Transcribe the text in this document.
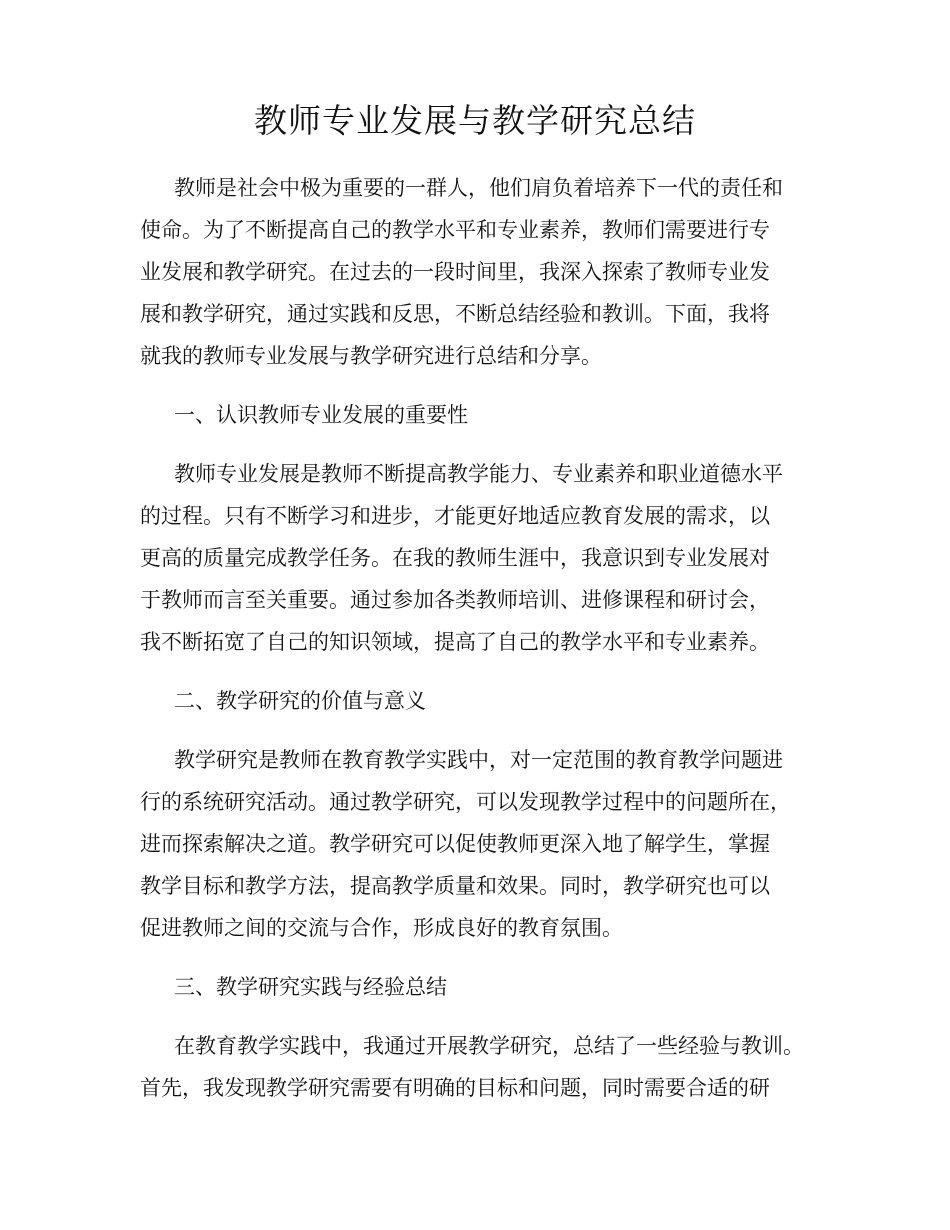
教师专业发展与教学研究总结

教师是社会中极为重要的一群人，他们肩负着培养下一代的责任和

使命。为了不断提高自己的教学水平和专业素养，教师们需要进行专

业发展和教学研究。在过去的一段时间里，我深入探索了教师专业发

展和教学研究，通过实践和反思，不断总结经验和教训。下面，我将

就我的教师专业发展与教学研究进行总结和分享。

一、认识教师专业发展的重要性

教师专业发展是教师不断提高教学能力、专业素养和职业道德水平

的过程。只有不断学习和进步，才能更好地适应教育发展的需求，以

更高的质量完成教学任务。在我的教师生涯中，我意识到专业发展对

于教师而言至关重要。通过参加各类教师培训、进修课程和研讨会，

我不断拓宽了自己的知识领域，提高了自己的教学水平和专业素养。

二、教学研究的价值与意义

教学研究是教师在教育教学实践中，对一定范围的教育教学问题进

行的系统研究活动。通过教学研究，可以发现教学过程中的问题所在，

进而探索解决之道。教学研究可以促使教师更深入地了解学生，掌握

教学目标和教学方法，提高教学质量和效果。同时，教学研究也可以

促进教师之间的交流与合作，形成良好的教育氛围。

三、教学研究实践与经验总结

在教育教学实践中，我通过开展教学研究，总结了一些经验与教训。

首先，我发现教学研究需要有明确的目标和问题，同时需要合适的研
